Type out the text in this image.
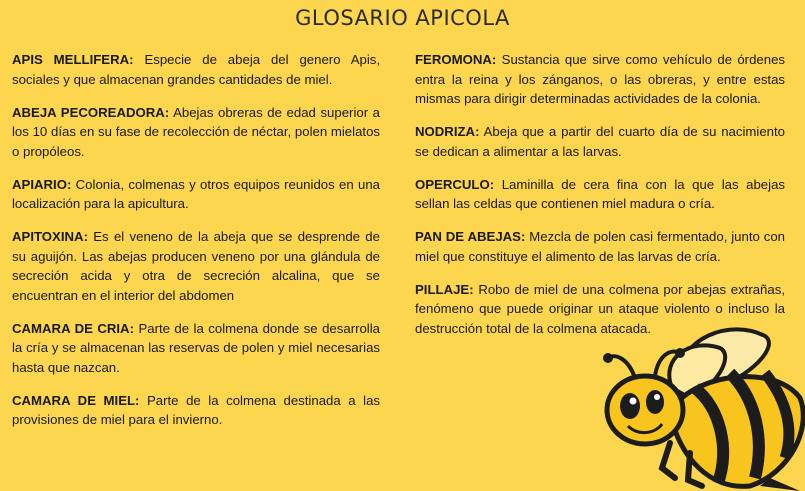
GLOSARIO APICOLA

APIS MELLIFERA: Especie de abeja del genero Apis, sociales y que almacenan grandes cantidades de miel.

ABEJA PECOREADORA: Abejas obreras de edad superior a los 10 días en su fase de recolección de néctar, polen mielatos o propóleos.

APIARIO: Colonia, colmenas y otros equipos reunidos en una localización para la apicultura.

APITOXINA: Es el veneno de la abeja que se desprende de su aguijón. Las abejas producen veneno por una glándula de secreción acida y otra de secreción alcalina, que se encuentran en el interior del abdomen

CAMARA DE CRIA: Parte de la colmena donde se desarrolla la cría y se almacenan las reservas de polen y miel necesarias hasta que nazcan.

CAMARA DE MIEL: Parte de la colmena destinada a las provisiones de miel para el invierno.

FEROMONA: Sustancia que sirve como vehículo de órdenes entra la reina y los zánganos, o las obreras, y entre estas mismas para dirigir determinadas actividades de la colonia.

NODRIZA: Abeja que a partir del cuarto día de su nacimiento se dedican a alimentar a las larvas.

OPERCULO: Laminilla de cera fina con la que las abejas sellan las celdas que contienen miel madura o cría.

PAN DE ABEJAS: Mezcla de polen casi fermentado, junto con miel que constituye el alimento de las larvas de cría.

PILLAJE: Robo de miel de una colmena por abejas extrañas, fenómeno que puede originar un ataque violento o incluso la destrucción total de la colmena atacada.
